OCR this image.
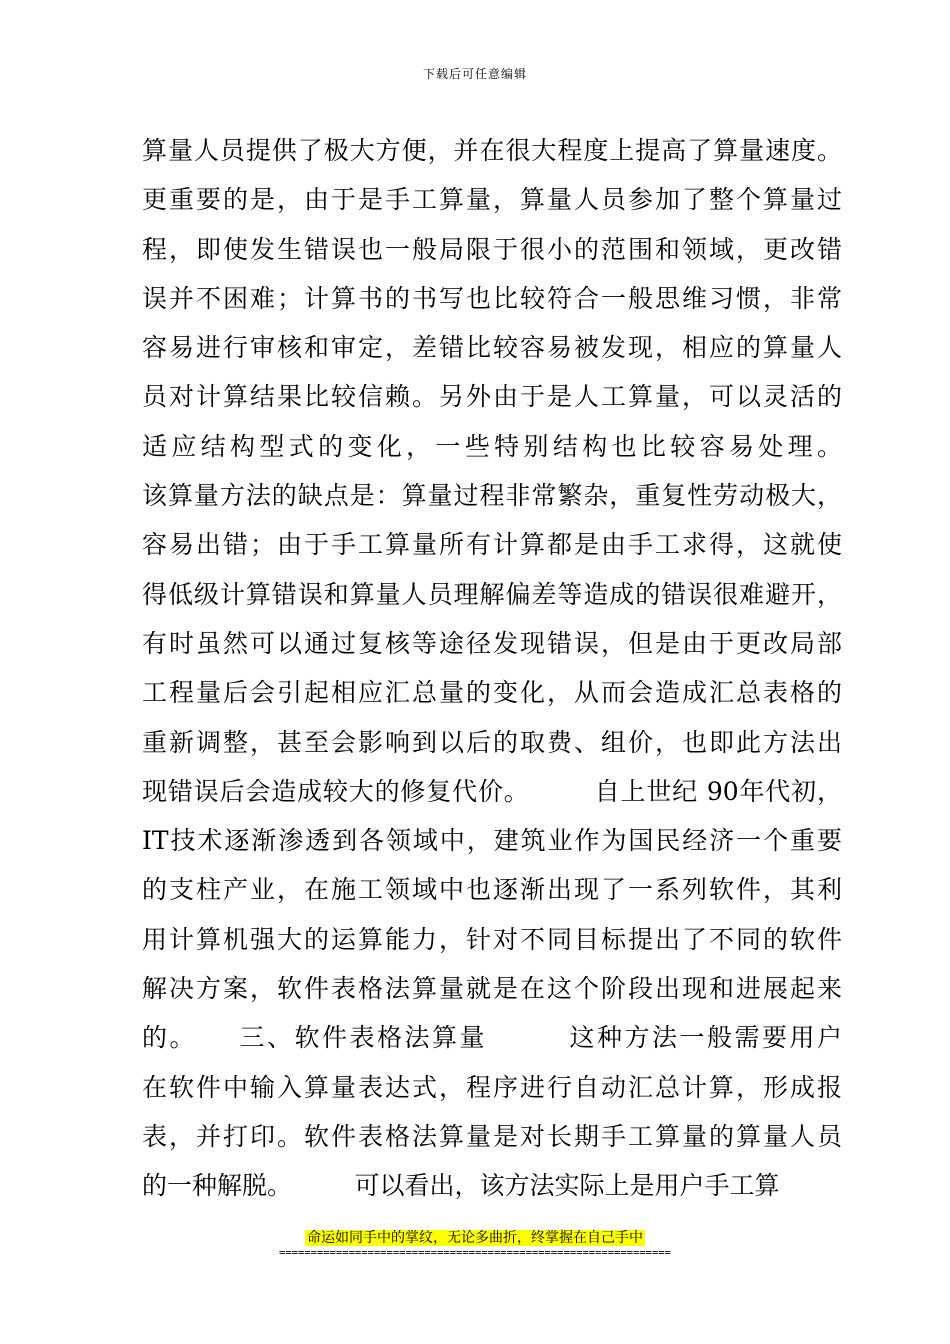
下载后可任意编辑
算量人员提供了极大方便，并在很大程度上提高了算量速度。
更重要的是，由于是手工算量，算量人员参加了整个算量过
程，即使发生错误也一般局限于很小的范围和领域，更改错
误并不困难；计算书的书写也比较符合一般思维习惯，非常
容易进行审核和审定，差错比较容易被发现，相应的算量人
员对计算结果比较信赖。另外由于是人工算量，可以灵活的
适应结构型式的变化，一些特别结构也比较容易处理。
该算量方法的缺点是：算量过程非常繁杂，重复性劳动极大，
容易出错；由于手工算量所有计算都是由手工求得，这就使
得低级计算错误和算量人员理解偏差等造成的错误很难避开，
有时虽然可以通过复核等途径发现错误，但是由于更改局部
工程量后会引起相应汇总量的变化，从而会造成汇总表格的
重新调整，甚至会影响到以后的取费、组价，也即此方法出
现错误后会造成较大的修复代价。　　　自上世纪 90年代初，
IT技术逐渐渗透到各领域中，建筑业作为国民经济一个重要
的支柱产业，在施工领域中也逐渐出现了一系列软件，其利
用计算机强大的运算能力，针对不同目标提出了不同的软件
解决方案，软件表格法算量就是在这个阶段出现和进展起来
的。　　三、软件表格法算量　　　这种方法一般需要用户
在软件中输入算量表达式，程序进行自动汇总计算，形成报
表，并打印。软件表格法算量是对长期手工算量的算量人员
的一种解脱。　　　可以看出，该方法实际上是用户手工算
命运如同手中的掌纹，无论多曲折，终掌握在自己手中
==============================================================
